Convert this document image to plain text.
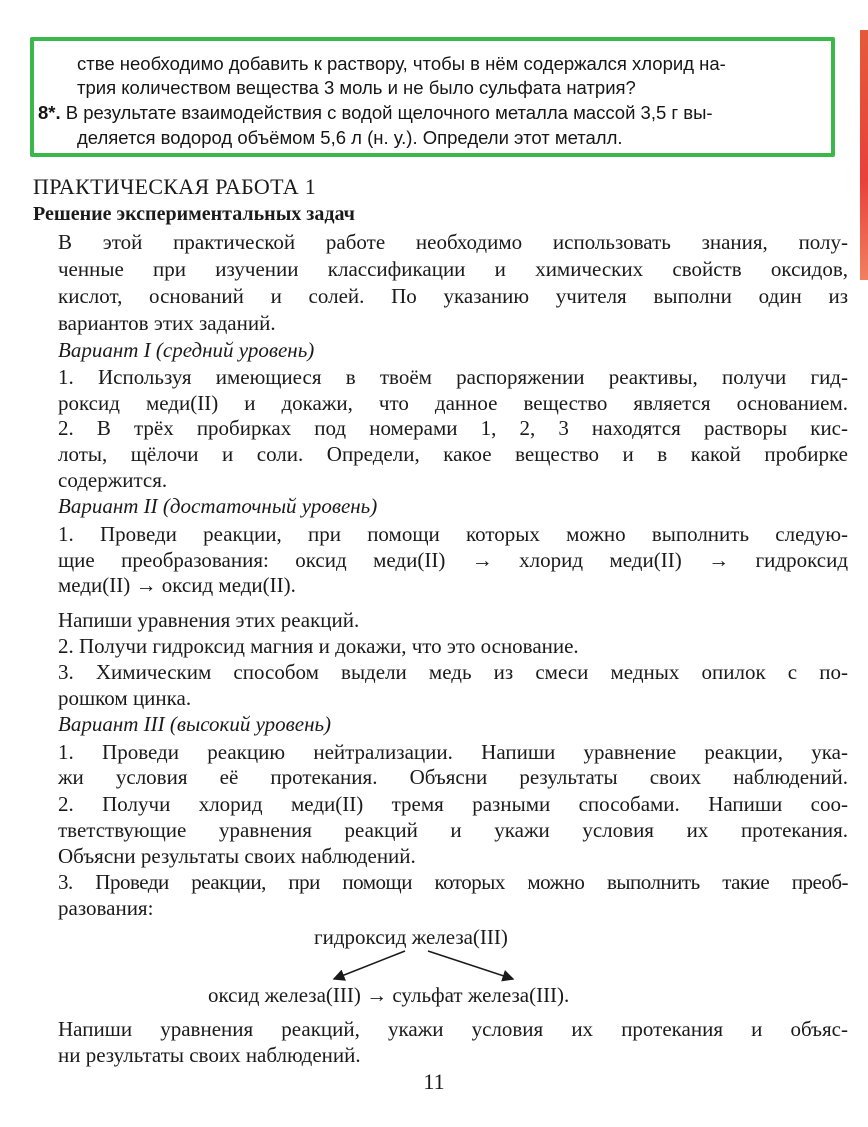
стве необходимо добавить к раствору, чтобы в нём содержался хлорид на-
трия количеством вещества 3 моль и не было сульфата натрия?
8*. В результате взаимодействия с водой щелочного металла массой 3,5 г вы-
деляется водород объёмом 5,6 л (н. у.). Определи этот металл.
ПРАКТИЧЕСКАЯ РАБОТА 1
Решение экспериментальных задач
В этой практической работе необходимо использовать знания, полу-
ченные при изучении классификации и химических свойств оксидов,
кислот, оснований и солей. По указанию учителя выполни один из
вариантов этих заданий.
Вариант I (средний уровень)
1. Используя имеющиеся в твоём распоряжении реактивы, получи гид-
роксид меди(II) и докажи, что данное вещество является основанием.
2. В трёх пробирках под номерами 1, 2, 3 находятся растворы кис-
лоты, щёлочи и соли. Определи, какое вещество и в какой пробирке
содержится.
Вариант II (достаточный уровень)
1. Проведи реакции, при помощи которых можно выполнить следую-
щие преобразования: оксид меди(II) → хлорид меди(II) → гидроксид
меди(II) → оксид меди(II).
Напиши уравнения этих реакций.
2. Получи гидроксид магния и докажи, что это основание.
3. Химическим способом выдели медь из смеси медных опилок с по-
рошком цинка.
Вариант III (высокий уровень)
1. Проведи реакцию нейтрализации. Напиши уравнение реакции, ука-
жи условия её протекания. Объясни результаты своих наблюдений.
2. Получи хлорид меди(II) тремя разными способами. Напиши соо-
тветствующие уравнения реакций и укажи условия их протекания.
Объясни результаты своих наблюдений.
3. Проведи реакции, при помощи которых можно выполнить такие преоб-
разования:
гидроксид железа(III)
оксид железа(III) → сульфат железа(III).
Напиши уравнения реакций, укажи условия их протекания и объяс-
ни результаты своих наблюдений.
11
